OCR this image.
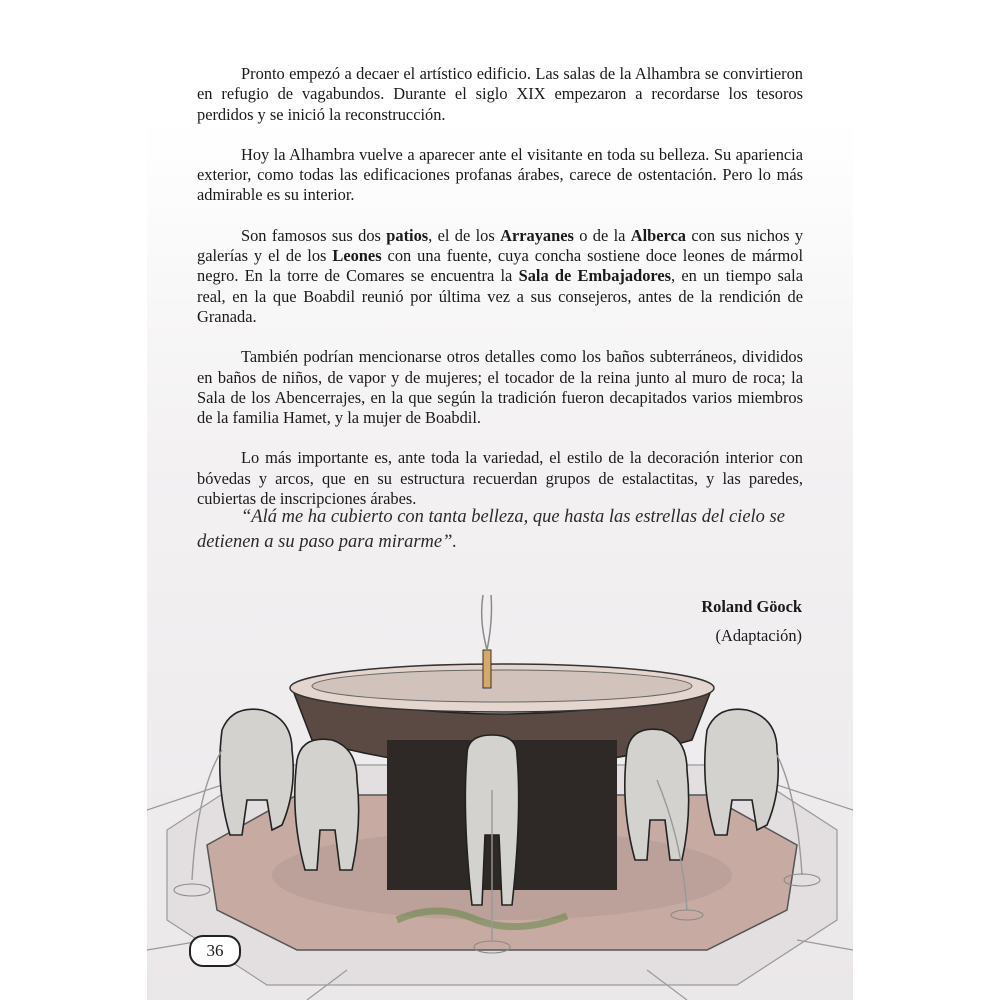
Pronto empezó a decaer el artístico edificio. Las salas de la Alhambra se convirtieron en refugio de vagabundos. Durante el siglo XIX empezaron a recordarse los tesoros perdidos y se inició la reconstrucción.

Hoy la Alhambra vuelve a aparecer ante el visitante en toda su belleza. Su apariencia exterior, como todas las edificaciones profanas árabes, carece de ostentación. Pero lo más admirable es su interior.

Son famosos sus dos patios, el de los Arrayanes o de la Alberca con sus nichos y galerías y el de los Leones con una fuente, cuya concha sostiene doce leones de mármol negro. En la torre de Comares se encuentra la Sala de Embajadores, en un tiempo sala real, en la que Boabdil reunió por última vez a sus consejeros, antes de la rendición de Granada.

También podrían mencionarse otros detalles como los baños subterráneos, divididos en baños de niños, de vapor y de mujeres; el tocador de la reina junto al muro de roca; la Sala de los Abencerrajes, en la que según la tradición fueron decapitados varios miembros de la familia Hamet, y la mujer de Boabdil.

Lo más importante es, ante toda la variedad, el estilo de la decoración interior con bóvedas y arcos, que en su estructura recuerdan grupos de estalactitas, y las paredes, cubiertas de inscripciones árabes.

“Alá me ha cubierto con tanta belleza, que hasta las estrellas del cielo se detienen a su paso para mirarme”.

Roland Göock

(Adaptación)

36
